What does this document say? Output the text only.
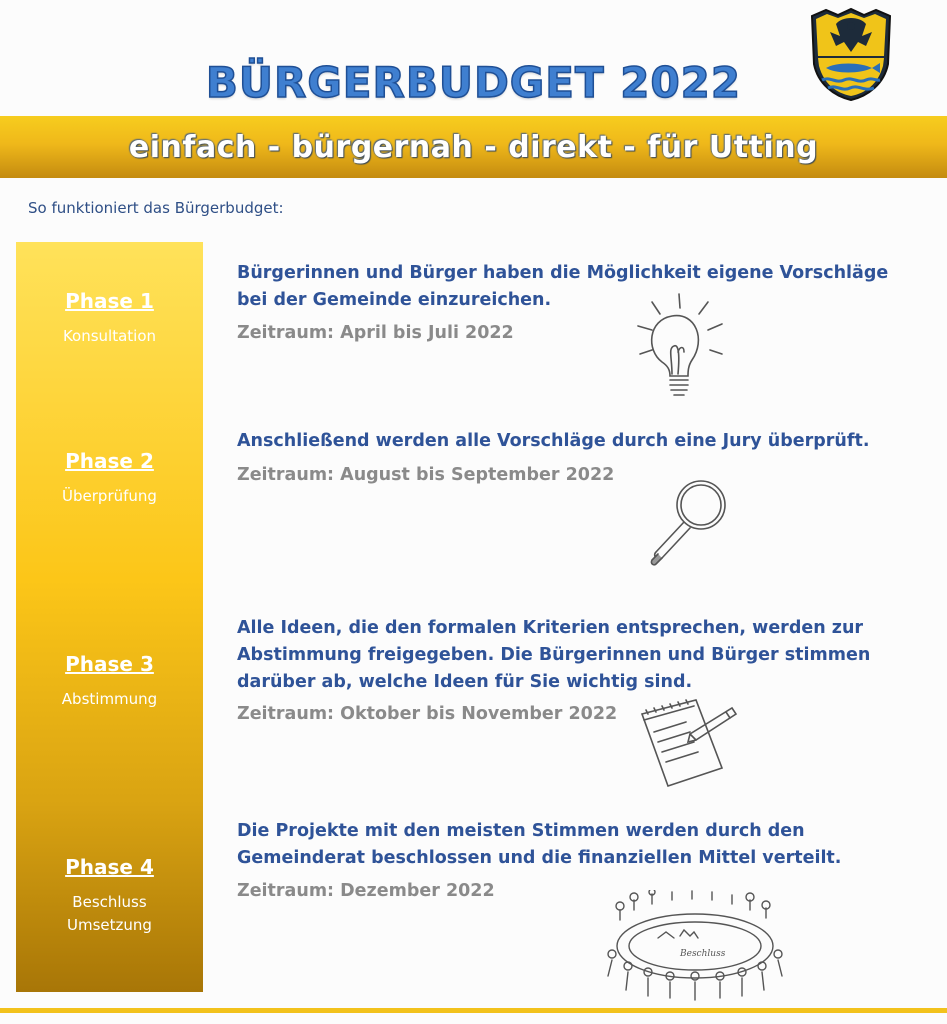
BÜRGERBUDGET 2022
einfach - bürgernah - direkt - für Utting
So funktioniert das Bürgerbudget:
Phase 1
Konsultation
Phase 2
Überprüfung
Phase 3
Abstimmung
Phase 4
Beschluss
Umsetzung
Bürgerinnen und Bürger haben die Möglichkeit eigene Vorschläge bei der Gemeinde einzureichen.
Zeitraum: April bis Juli 2022
Anschließend werden alle Vorschläge durch eine Jury überprüft.
Zeitraum: August bis September 2022
Alle Ideen, die den formalen Kriterien entsprechen, werden zur Abstimmung freigegeben. Die Bürgerinnen und Bürger stimmen darüber ab, welche Ideen für Sie wichtig sind.
Zeitraum: Oktober bis November 2022
Die Projekte mit den meisten Stimmen werden durch den Gemeinderat beschlossen und die finanziellen Mittel verteilt.
Zeitraum: Dezember 2022
Beschluss
